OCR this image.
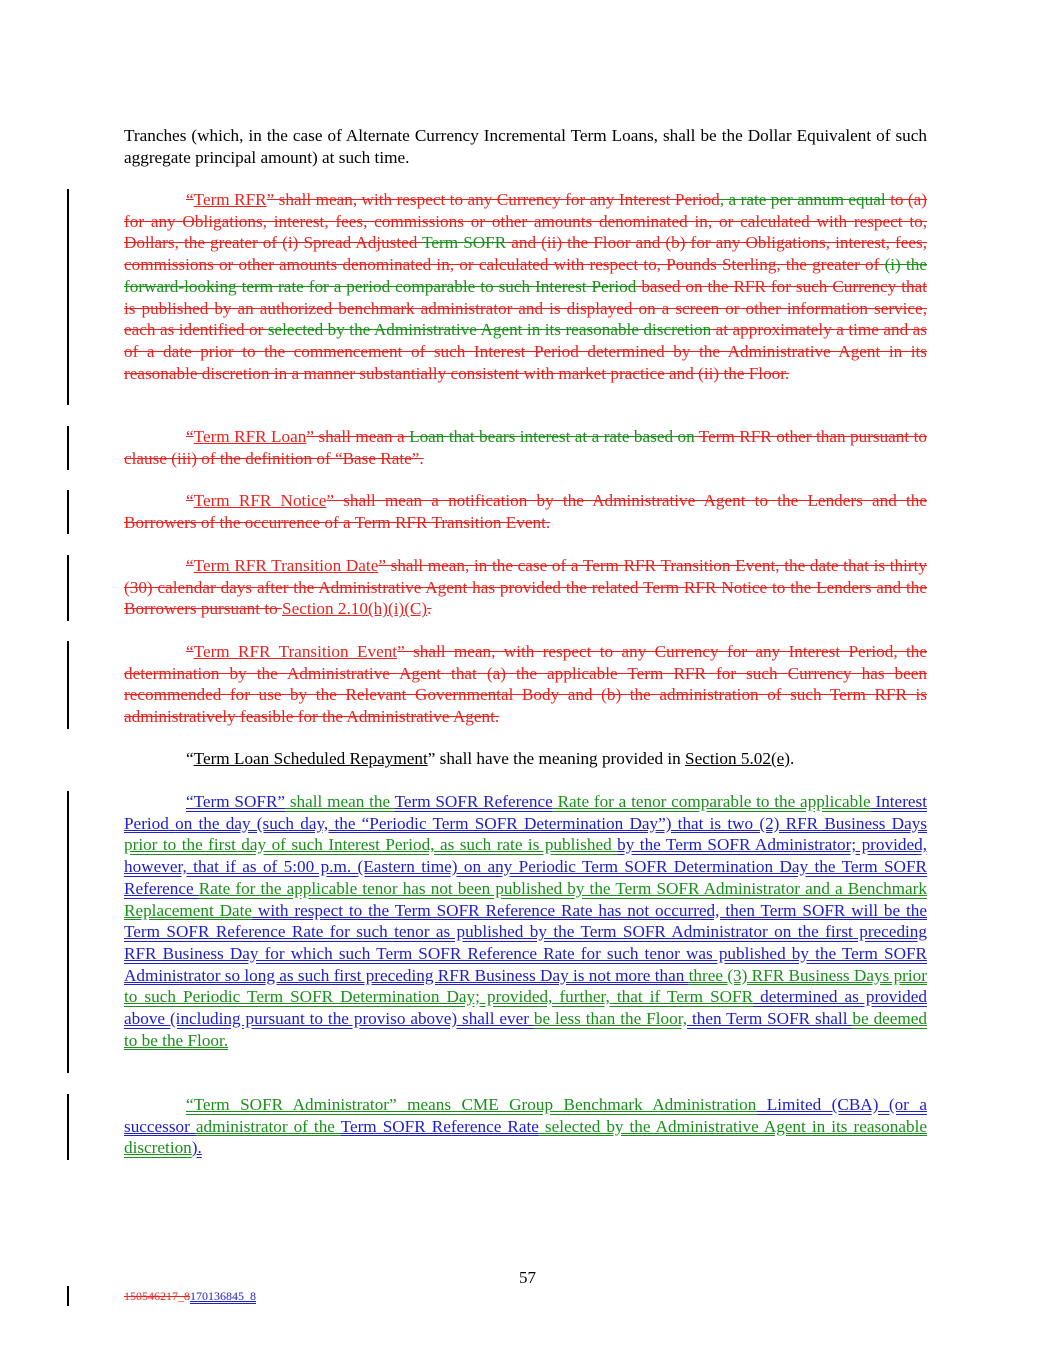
Tranches (which, in the case of Alternate Currency Incremental Term Loans, shall be the Dollar Equivalent of such aggregate principal amount) at such time.

“Term RFR” shall mean, with respect to any Currency for any Interest Period, a rate per annum equal to (a) for any Obligations, interest, fees, commissions or other amounts denominated in, or calculated with respect to, Dollars, the greater of (i) Spread Adjusted Term SOFR and (ii) the Floor and (b) for any Obligations, interest, fees, commissions or other amounts denominated in, or calculated with respect to, Pounds Sterling, the greater of (i) the forward-looking term rate for a period comparable to such Interest Period based on the RFR for such Currency that is published by an authorized benchmark administrator and is displayed on a screen or other information service, each as identified or selected by the Administrative Agent in its reasonable discretion at approximately a time and as of a date prior to the commencement of such Interest Period determined by the Administrative Agent in its reasonable discretion in a manner substantially consistent with market practice and (ii) the Floor.

“Term RFR Loan” shall mean a Loan that bears interest at a rate based on Term RFR other than pursuant to clause (iii) of the definition of “Base Rate”.

“Term RFR Notice” shall mean a notification by the Administrative Agent to the Lenders and the Borrowers of the occurrence of a Term RFR Transition Event.

“Term RFR Transition Date” shall mean, in the case of a Term RFR Transition Event, the date that is thirty (30) calendar days after the Administrative Agent has provided the related Term RFR Notice to the Lenders and the Borrowers pursuant to Section 2.10(h)(i)(C).

“Term RFR Transition Event” shall mean, with respect to any Currency for any Interest Period, the determination by the Administrative Agent that (a) the applicable Term RFR for such Currency has been recommended for use by the Relevant Governmental Body and (b) the administration of such Term RFR is administratively feasible for the Administrative Agent.

“Term Loan Scheduled Repayment” shall have the meaning provided in Section 5.02(e).

“Term SOFR” shall mean the Term SOFR Reference Rate for a tenor comparable to the applicable Interest Period on the day (such day, the “Periodic Term SOFR Determination Day”) that is two (2) RFR Business Days prior to the first day of such Interest Period, as such rate is published by the Term SOFR Administrator; provided, however, that if as of 5:00 p.m. (Eastern time) on any Periodic Term SOFR Determination Day the Term SOFR Reference Rate for the applicable tenor has not been published by the Term SOFR Administrator and a Benchmark Replacement Date with respect to the Term SOFR Reference Rate has not occurred, then Term SOFR will be the Term SOFR Reference Rate for such tenor as published by the Term SOFR Administrator on the first preceding RFR Business Day for which such Term SOFR Reference Rate for such tenor was published by the Term SOFR Administrator so long as such first preceding RFR Business Day is not more than three (3) RFR Business Days prior to such Periodic Term SOFR Determination Day; provided, further, that if Term SOFR determined as provided above (including pursuant to the proviso above) shall ever be less than the Floor, then Term SOFR shall be deemed to be the Floor.

“Term SOFR Administrator” means CME Group Benchmark Administration Limited (CBA) (or a successor administrator of the Term SOFR Reference Rate selected by the Administrative Agent in its reasonable discretion).

57
150546217_8170136845_8
